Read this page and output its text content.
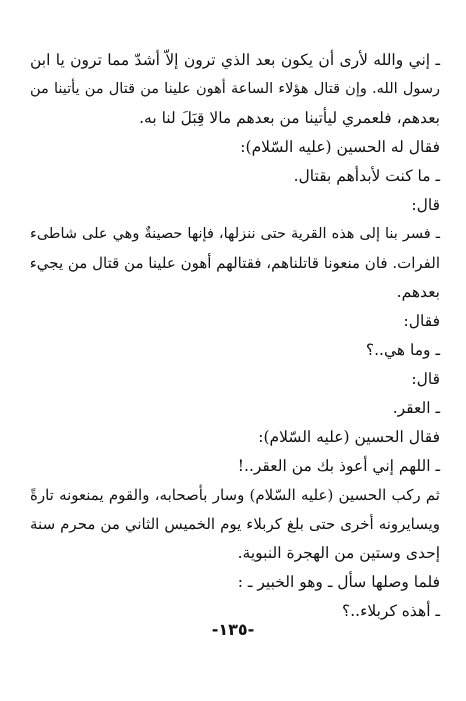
ـ إني والله لأرى أن يكون بعد الذي ترون إلاّ أشدّ مما ترون يا ابن
رسول الله. وإن قتال هؤلاء الساعة أهون علينا من قتال من يأتينا من
بعدهم، فلعمري ليأتينا من بعدهم مالا قِبَلَ لنا به.
فقال له الحسين (عليه السّلام):
ـ ما كنت لأبدأهم بقتال.
قال:
ـ فسر بنا إلى هذه القرية حتى ننزلها، فإنها حصينةٌ وهي على شاطىء
الفرات. فان منعونا قاتلناهم، فقتالهم أهون علينا من قتال من يجيء
بعدهم.
فقال:
ـ وما هي..؟
قال:
ـ العقر.
فقال الحسين (عليه السّلام):
ـ اللهم إني أعوذ بك من العقر..!
ثم ركب الحسين (عليه السّلام) وسار بأصحابه، والقوم يمنعونه تارةً
ويسايرونه أخرى حتى بلغ كربلاء يوم الخميس الثاني من محرم سنة
إحدى وستين من الهجرة النبوية.
فلما وصلها سأل ـ وهو الخبير ـ :
ـ أهذه كربلاء..؟
-١٣٥-
